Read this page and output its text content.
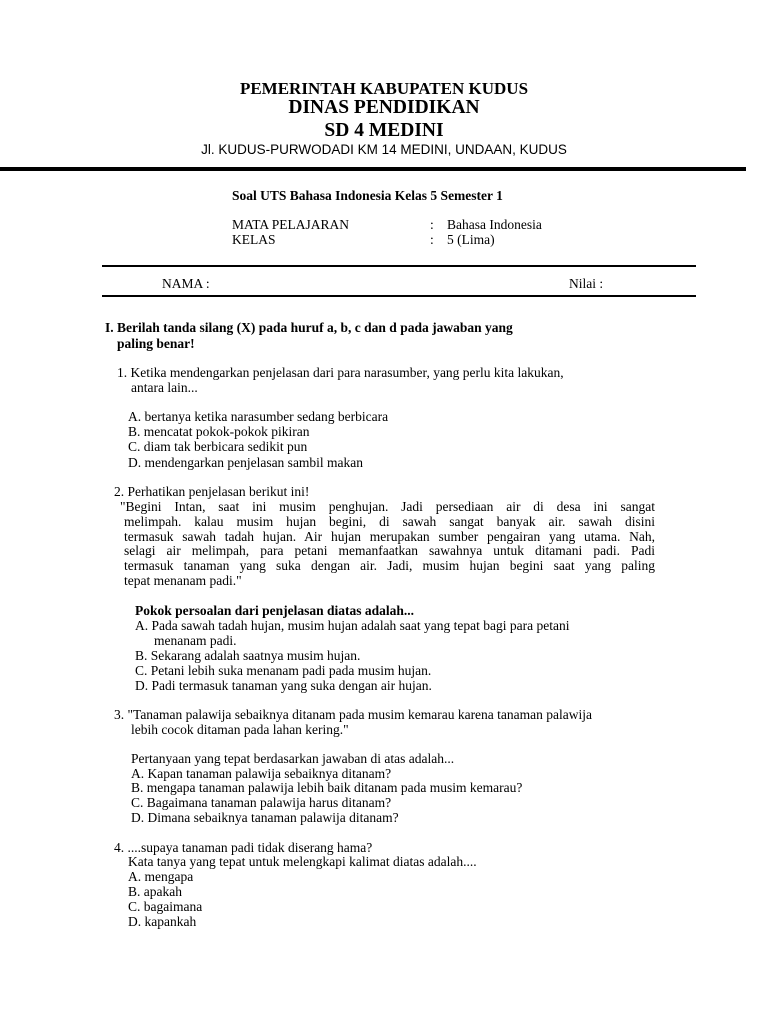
PEMERINTAH KABUPATEN KUDUS
DINAS PENDIDIKAN
SD 4 MEDINI
Jl. KUDUS-PURWODADI KM 14 MEDINI, UNDAAN, KUDUS
Soal UTS Bahasa Indonesia Kelas 5 Semester 1
MATA PELAJARAN	: Bahasa Indonesia
KELAS	: 5 (Lima)
NAMA :	Nilai :
I. Berilah tanda silang (X) pada huruf a, b, c dan d pada jawaban yang
paling benar!
1. Ketika mendengarkan penjelasan dari para narasumber, yang perlu kita lakukan,
antara lain...
A. bertanya ketika narasumber sedang berbicara
B. mencatat pokok-pokok pikiran
C. diam tak berbicara sedikit pun
D. mendengarkan penjelasan sambil makan
2. Perhatikan penjelasan berikut ini!
"Begini Intan, saat ini musim penghujan. Jadi persediaan air di desa ini sangat
melimpah. kalau musim hujan begini, di sawah sangat banyak air. sawah disini
termasuk sawah tadah hujan. Air hujan merupakan sumber pengairan yang utama. Nah,
selagi air melimpah, para petani memanfaatkan sawahnya untuk ditamani padi. Padi
termasuk tanaman yang suka dengan air. Jadi, musim hujan begini saat yang paling
tepat menanam padi."
Pokok persoalan dari penjelasan diatas adalah...
A. Pada sawah tadah hujan, musim hujan adalah saat yang tepat bagi para petani
menanam padi.
B. Sekarang adalah saatnya musim hujan.
C. Petani lebih suka menanam padi pada musim hujan.
D. Padi termasuk tanaman yang suka dengan air hujan.
3. "Tanaman palawija sebaiknya ditanam pada musim kemarau karena tanaman palawija
lebih cocok ditaman pada lahan kering."
Pertanyaan yang tepat berdasarkan jawaban di atas adalah...
A. Kapan tanaman palawija sebaiknya ditanam?
B. mengapa tanaman palawija lebih baik ditanam pada musim kemarau?
C. Bagaimana tanaman palawija harus ditanam?
D. Dimana sebaiknya tanaman palawija ditanam?
4. ....supaya tanaman padi tidak diserang hama?
Kata tanya yang tepat untuk melengkapi kalimat diatas adalah....
A. mengapa
B. apakah
C. bagaimana
D. kapankah
